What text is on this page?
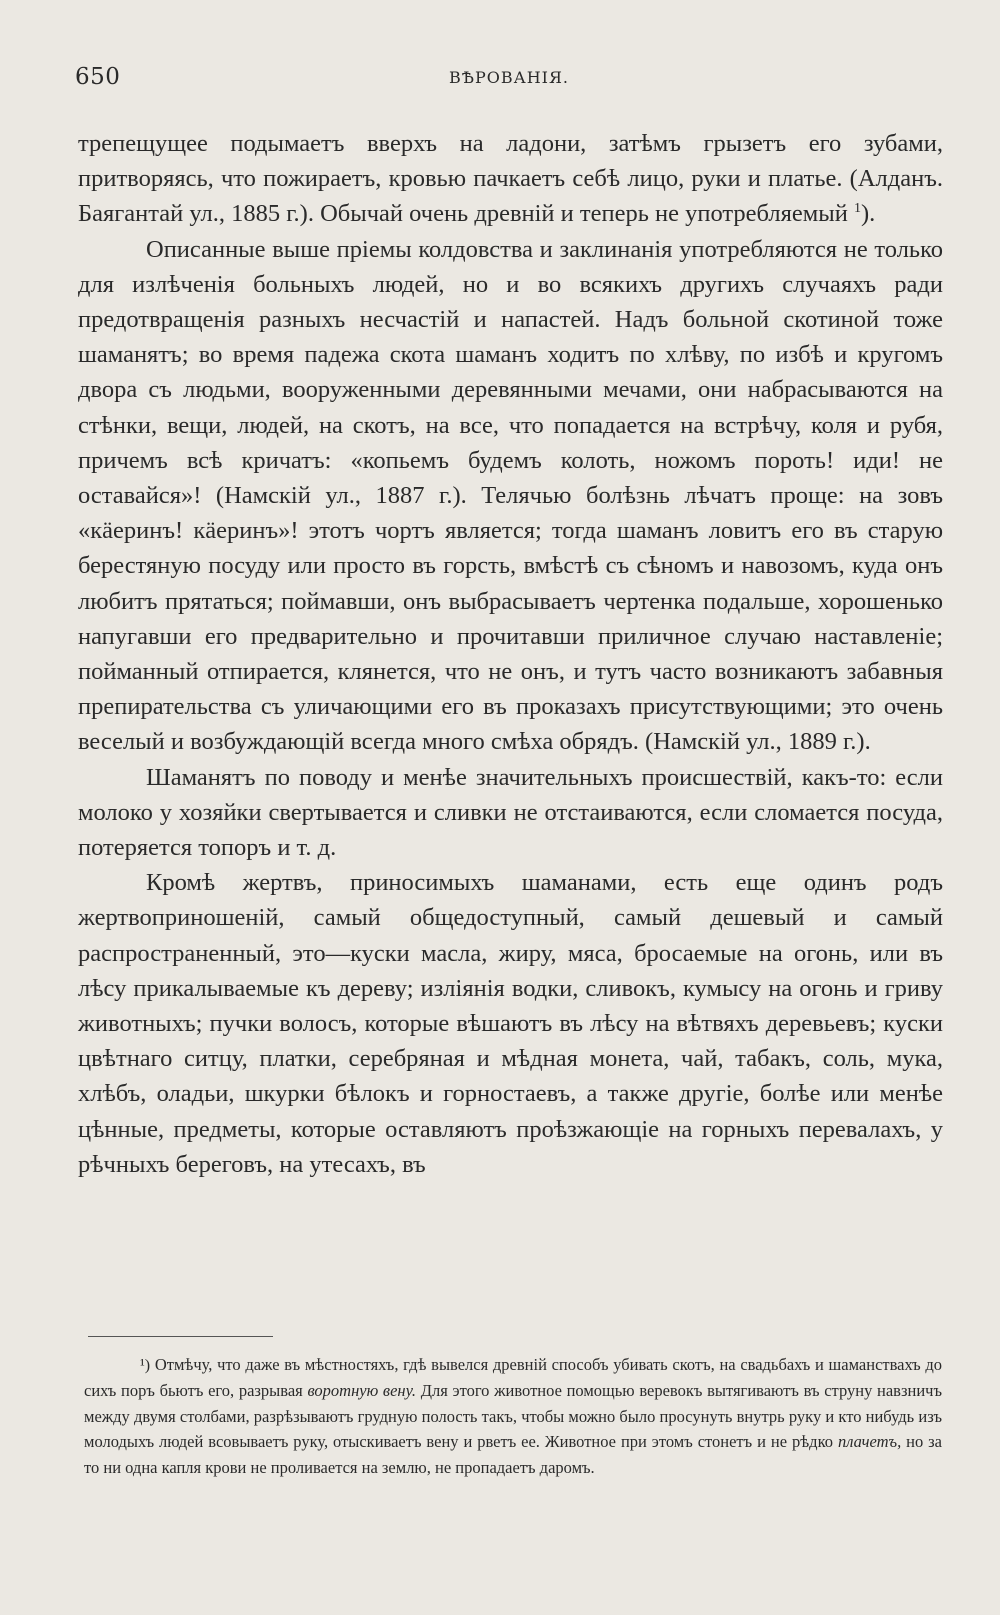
650	ВѢРОВАНІЯ.

трепещущее подымаетъ вверхъ на ладони, затѣмъ грызетъ его зубами, притворяясь, что пожираетъ, кровью пачкаетъ себѣ лицо, руки и платье. (Алданъ. Баягантай ул., 1885 г.). Обычай очень древній и теперь не употребляемый $^1$).

Описанные выше пріемы колдовства и заклинанія употребляются не только для излѣченія больныхъ людей, но и во всякихъ другихъ случаяхъ ради предотвращенія разныхъ несчастій и напастей. Надъ больной скотиной тоже шаманятъ; во время падежа скота шаманъ ходитъ по хлѣву, по избѣ и кругомъ двора съ людьми, вооруженными деревянными мечами, они набрасываются на стѣнки, вещи, людей, на скотъ, на все, что попадается на встрѣчу, коля и рубя, причемъ всѣ кричатъ: «копьемъ будемъ колоть, ножомъ пороть! иди! не оставайся»! (Намскій ул., 1887 г.). Телячью болѣзнь лѣчатъ проще: на зовъ «кäеринъ! кäеринъ»! этотъ чортъ является; тогда шаманъ ловитъ его въ старую берестяную посуду или просто въ горсть, вмѣстѣ съ сѣномъ и навозомъ, куда онъ любитъ прятаться; поймавши, онъ выбрасываетъ чертенка подальше, хорошенько напугавши его предварительно и прочитавши приличное случаю наставленіе; пойманный отпирается, клянется, что не онъ, и тутъ часто возникаютъ забавныя препирательства съ уличающими его въ проказахъ присутствующими; это очень веселый и возбуждающій всегда много смѣха обрядъ. (Намскій ул., 1889 г.).

Шаманятъ по поводу и менѣе значительныхъ происшествій, какъ-то: если молоко у хозяйки свертывается и сливки не отстаиваются, если сломается посуда, потеряется топоръ и т. д.

Кромѣ жертвъ, приносимыхъ шаманами, есть еще одинъ родъ жертвоприношеній, самый общедоступный, самый дешевый и самый распространенный, это—куски масла, жиру, мяса, бросаемые на огонь, или въ лѣсу прикалываемые къ дереву; изліянія водки, сливокъ, кумысу на огонь и гриву животныхъ; пучки волосъ, которые вѣшаютъ въ лѣсу на вѣтвяхъ деревьевъ; куски цвѣтнаго ситцу, платки, серебряная и мѣдная монета, чай, табакъ, соль, мука, хлѣбъ, оладьи, шкурки бѣлокъ и горностаевъ, а также другіе, болѣе или менѣе цѣнные, предметы, которые оставляютъ проѣзжающіе на горныхъ перевалахъ, у рѣчныхъ береговъ, на утесахъ, въ

¹) Отмѣчу, что даже въ мѣстностяхъ, гдѣ вывелся древній способъ убивать скотъ, на свадьбахъ и шаманствахъ до сихъ поръ бьютъ его, разрывая воротную вену. Для этого животное помощью веревокъ вытягиваютъ въ струну навзничъ между двумя столбами, разрѣзываютъ грудную полость такъ, чтобы можно было просунуть внутрь руку и кто нибудь изъ молодыхъ людей всовываетъ руку, отыскиваетъ вену и рветъ ее. Животное при этомъ стонетъ и не рѣдко плачетъ, но за то ни одна капля крови не проливается на землю, не пропадаетъ даромъ.
